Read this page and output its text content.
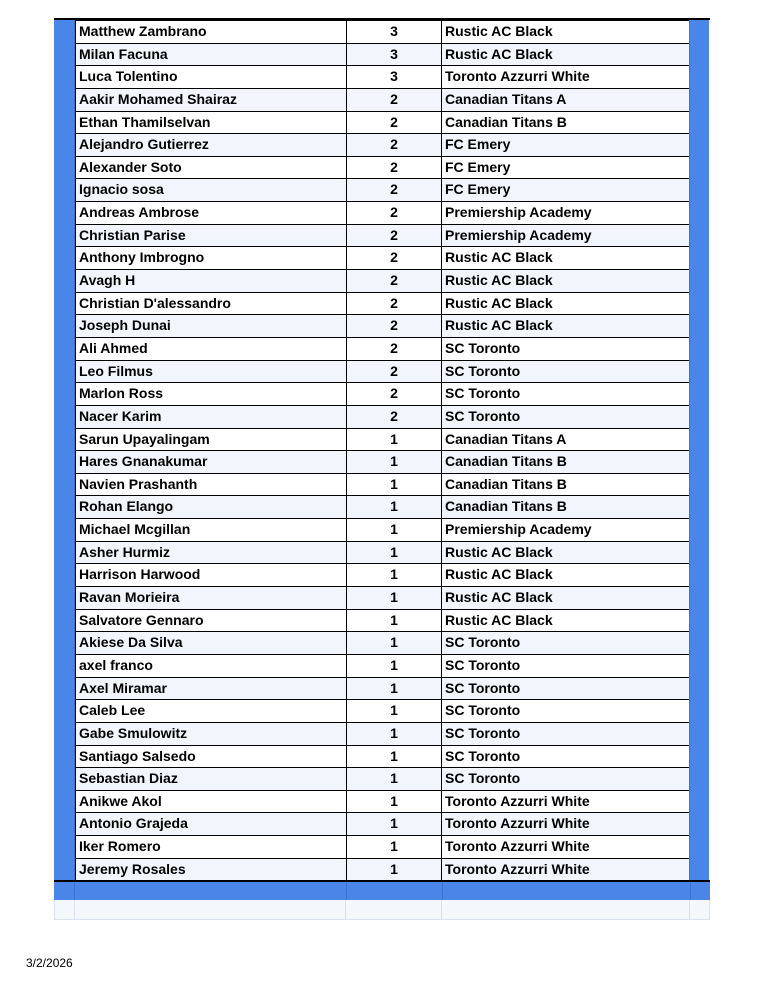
Matthew Zambrano	3	Rustic AC Black
Milan Facuna	3	Rustic AC Black
Luca Tolentino	3	Toronto Azzurri White
Aakir Mohamed Shairaz	2	Canadian Titans A
Ethan Thamilselvan	2	Canadian Titans B
Alejandro Gutierrez	2	FC Emery
Alexander Soto	2	FC Emery
Ignacio sosa	2	FC Emery
Andreas Ambrose	2	Premiership Academy
Christian Parise	2	Premiership Academy
Anthony Imbrogno	2	Rustic AC Black
Avagh H	2	Rustic AC Black
Christian D'alessandro	2	Rustic AC Black
Joseph Dunai	2	Rustic AC Black
Ali Ahmed	2	SC Toronto
Leo Filmus	2	SC Toronto
Marlon Ross	2	SC Toronto
Nacer Karim	2	SC Toronto
Sarun Upayalingam	1	Canadian Titans A
Hares Gnanakumar	1	Canadian Titans B
Navien Prashanth	1	Canadian Titans B
Rohan Elango	1	Canadian Titans B
Michael Mcgillan	1	Premiership Academy
Asher Hurmiz	1	Rustic AC Black
Harrison Harwood	1	Rustic AC Black
Ravan Morieira	1	Rustic AC Black
Salvatore Gennaro	1	Rustic AC Black
Akiese Da Silva	1	SC Toronto
axel franco	1	SC Toronto
Axel Miramar	1	SC Toronto
Caleb Lee	1	SC Toronto
Gabe Smulowitz	1	SC Toronto
Santiago Salsedo	1	SC Toronto
Sebastian Diaz	1	SC Toronto
Anikwe Akol	1	Toronto Azzurri White
Antonio Grajeda	1	Toronto Azzurri White
Iker Romero	1	Toronto Azzurri White
Jeremy Rosales	1	Toronto Azzurri White
3/2/2026
